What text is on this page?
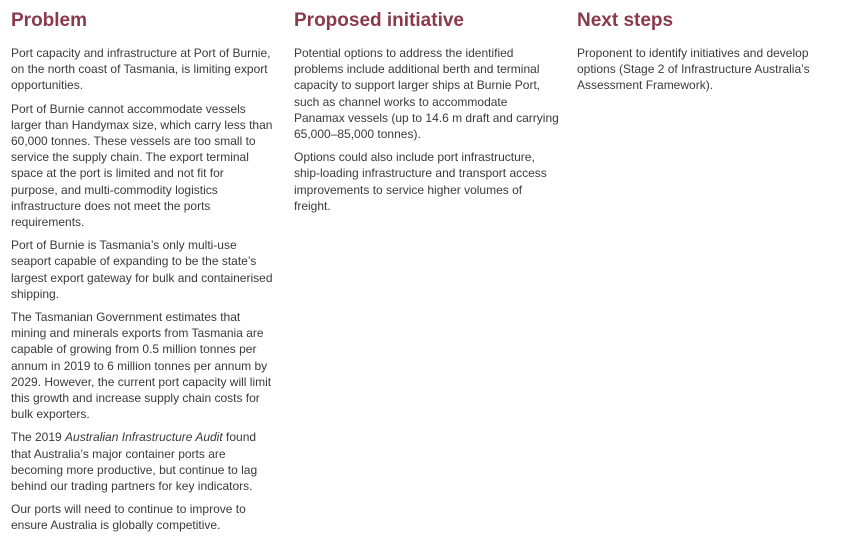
Problem

Port capacity and infrastructure at Port of Burnie, on the north coast of Tasmania, is limiting export opportunities.

Port of Burnie cannot accommodate vessels larger than Handymax size, which carry less than 60,000 tonnes. These vessels are too small to service the supply chain. The export terminal space at the port is limited and not fit for purpose, and multi-commodity logistics infrastructure does not meet the ports requirements.

Port of Burnie is Tasmania’s only multi-use seaport capable of expanding to be the state’s largest export gateway for bulk and containerised shipping.

The Tasmanian Government estimates that mining and minerals exports from Tasmania are capable of growing from 0.5 million tonnes per annum in 2019 to 6 million tonnes per annum by 2029. However, the current port capacity will limit this growth and increase supply chain costs for bulk exporters.

The 2019 Australian Infrastructure Audit found that Australia’s major container ports are becoming more productive, but continue to lag behind our trading partners for key indicators.

Our ports will need to continue to improve to ensure Australia is globally competitive.

Proposed initiative

Potential options to address the identified problems include additional berth and terminal capacity to support larger ships at Burnie Port, such as channel works to accommodate Panamax vessels (up to 14.6 m draft and carrying 65,000–85,000 tonnes).

Options could also include port infrastructure, ship-loading infrastructure and transport access improvements to service higher volumes of freight.

Next steps

Proponent to identify initiatives and develop options (Stage 2 of Infrastructure Australia’s Assessment Framework).
